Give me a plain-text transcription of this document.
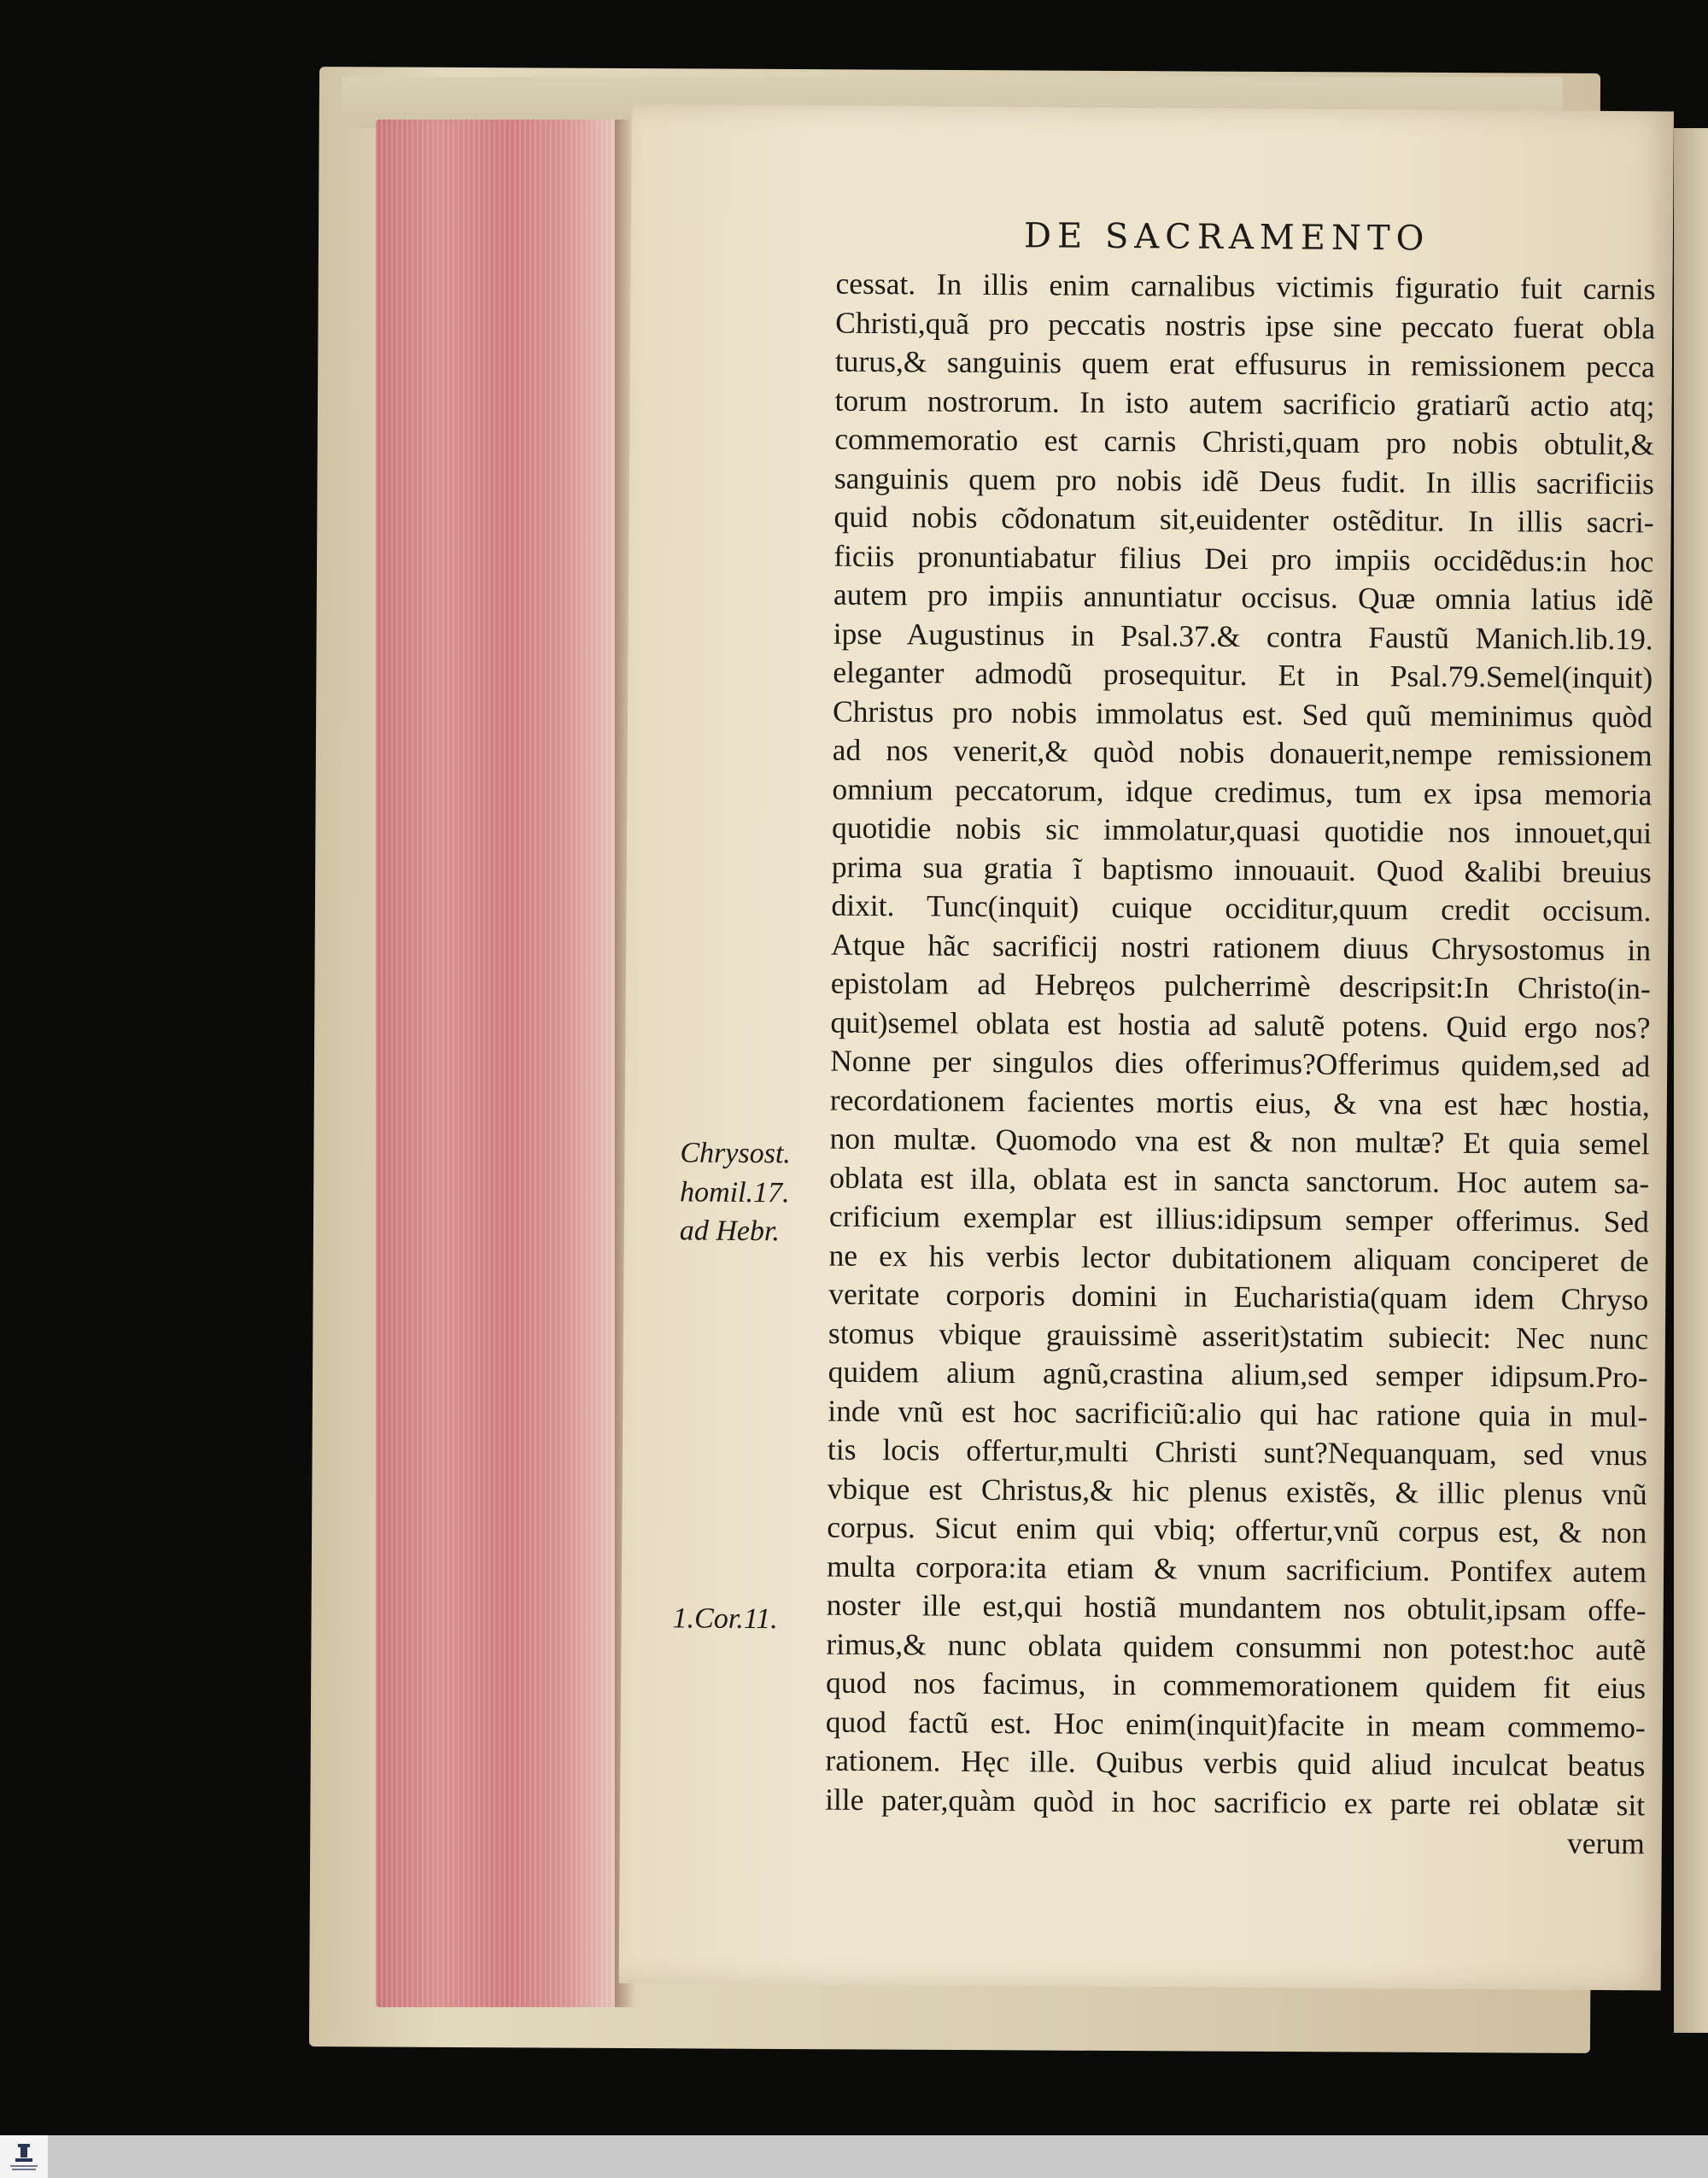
DE SACRAMENTO
Chrysost.
homil.17.
ad Hebr.
1.Cor.11.
cessat. In illis enim carnalibus victimis figuratio fuit carnis
Christi,quã pro peccatis nostris ipse sine peccato fuerat obla
turus,& sanguinis quem erat effusurus in remissionem pecca
torum nostrorum. In isto autem sacrificio gratiarũ actio atq;
commemoratio est carnis Christi,quam pro nobis obtulit,&
sanguinis quem pro nobis idẽ Deus fudit. In illis sacrificiis
quid nobis cõdonatum sit,euidenter ostẽditur. In illis sacri-
ficiis pronuntiabatur filius Dei pro impiis occidẽdus:in hoc
autem pro impiis annuntiatur occisus. Quæ omnia latius idẽ
ipse Augustinus in Psal.37.& contra Faustũ Manich.lib.19.
eleganter admodũ prosequitur. Et in Psal.79.Semel(inquit)
Christus pro nobis immolatus est. Sed quũ meminimus quòd
ad nos venerit,& quòd nobis donauerit,nempe remissionem
omnium peccatorum, idque credimus, tum ex ipsa memoria
quotidie nobis sic immolatur,quasi quotidie nos innouet,qui
prima sua gratia ĩ baptismo innouauit. Quod &alibi breuius
dixit. Tunc(inquit) cuique occiditur,quum credit occisum.
Atque hãc sacrificij nostri rationem diuus Chrysostomus in
epistolam ad Hebręos pulcherrimè descripsit:In Christo(in-
quit)semel oblata est hostia ad salutẽ potens. Quid ergo nos?
Nonne per singulos dies offerimus?Offerimus quidem,sed ad
recordationem facientes mortis eius, & vna est hæc hostia,
non multæ. Quomodo vna est & non multæ? Et quia semel
oblata est illa, oblata est in sancta sanctorum. Hoc autem sa-
crificium exemplar est illius:idipsum semper offerimus. Sed
ne ex his verbis lector dubitationem aliquam conciperet de
veritate corporis domini in Eucharistia(quam idem Chryso
stomus vbique grauissimè asserit)statim subiecit: Nec nunc
quidem alium agnũ,crastina alium,sed semper idipsum.Pro-
inde vnũ est hoc sacrificiũ:alio qui hac ratione quia in mul-
tis locis offertur,multi Christi sunt?Nequanquam, sed vnus
vbique est Christus,& hic plenus existẽs, & illic plenus vnũ
corpus. Sicut enim qui vbiq; offertur,vnũ corpus est, & non
multa corpora:ita etiam & vnum sacrificium. Pontifex autem
noster ille est,qui hostiã mundantem nos obtulit,ipsam offe-
rimus,& nunc oblata quidem consummi non potest:hoc autẽ
quod nos facimus, in commemorationem quidem fit eius
quod factũ est. Hoc enim(inquit)facite in meam commemo-
rationem. Hęc ille. Quibus verbis quid aliud inculcat beatus
ille pater,quàm quòd in hoc sacrificio ex parte rei oblatæ sit
verum
